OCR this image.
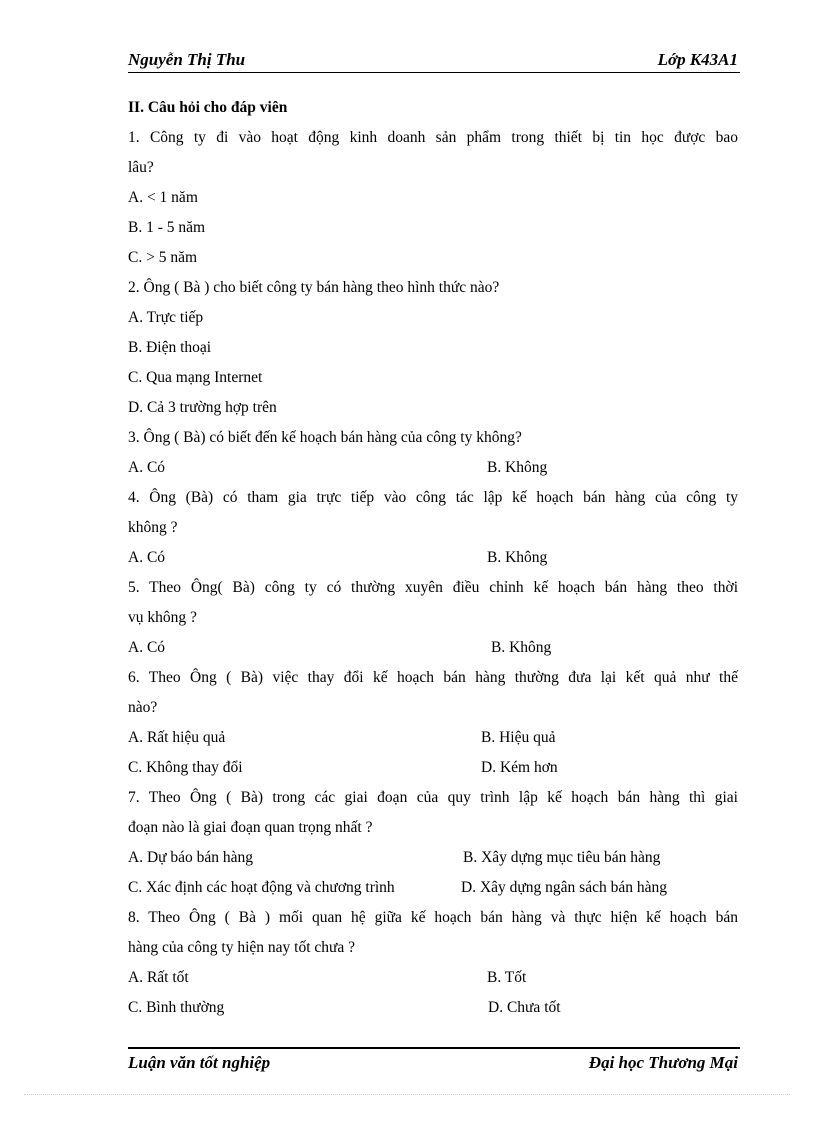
Nguyễn Thị Thu	Lớp K43A1
II. Câu hỏi cho đáp viên
1. Công ty đi vào hoạt động kinh doanh sản phẩm trong thiết bị tin học được bao
lâu?
A. < 1 năm
B. 1 - 5 năm
C. > 5 năm
2. Ông ( Bà ) cho biết công ty bán hàng theo hình thức nào?
A. Trực tiếp
B. Điện thoại
C. Qua mạng Internet
D. Cả 3 trường hợp trên
3. Ông ( Bà) có biết đến kế hoạch bán hàng của công ty không?
A. Có	B. Không
4. Ông (Bà) có tham gia trực tiếp vào công tác lập kế hoạch bán hàng của công ty
không ?
A. Có	B. Không
5. Theo Ông( Bà) công ty có thường xuyên điều chỉnh kế hoạch bán hàng theo thời
vụ không ?
A. Có	B. Không
6. Theo Ông ( Bà) việc thay đổi kế hoạch bán hàng thường đưa lại kết quả như thế
nào?
A. Rất hiệu quả	B. Hiệu quả
C. Không thay đổi	D. Kém hơn
7. Theo Ông ( Bà) trong các giai đoạn của quy trình lập kế hoạch bán hàng thì giai
đoạn nào là giai đoạn quan trọng nhất ?
A. Dự báo bán hàng	B. Xây dựng mục tiêu bán hàng
C. Xác định các hoạt động và chương trình	D. Xây dựng ngân sách bán hàng
8. Theo Ông ( Bà ) mối quan hệ giữa kế hoạch bán hàng và thực hiện kế hoạch bán
hàng của công ty hiện nay tốt chưa ?
A. Rất tốt	B. Tốt
C. Bình thường	D. Chưa tốt
Luận văn tốt nghiệp	Đại học Thương Mại
